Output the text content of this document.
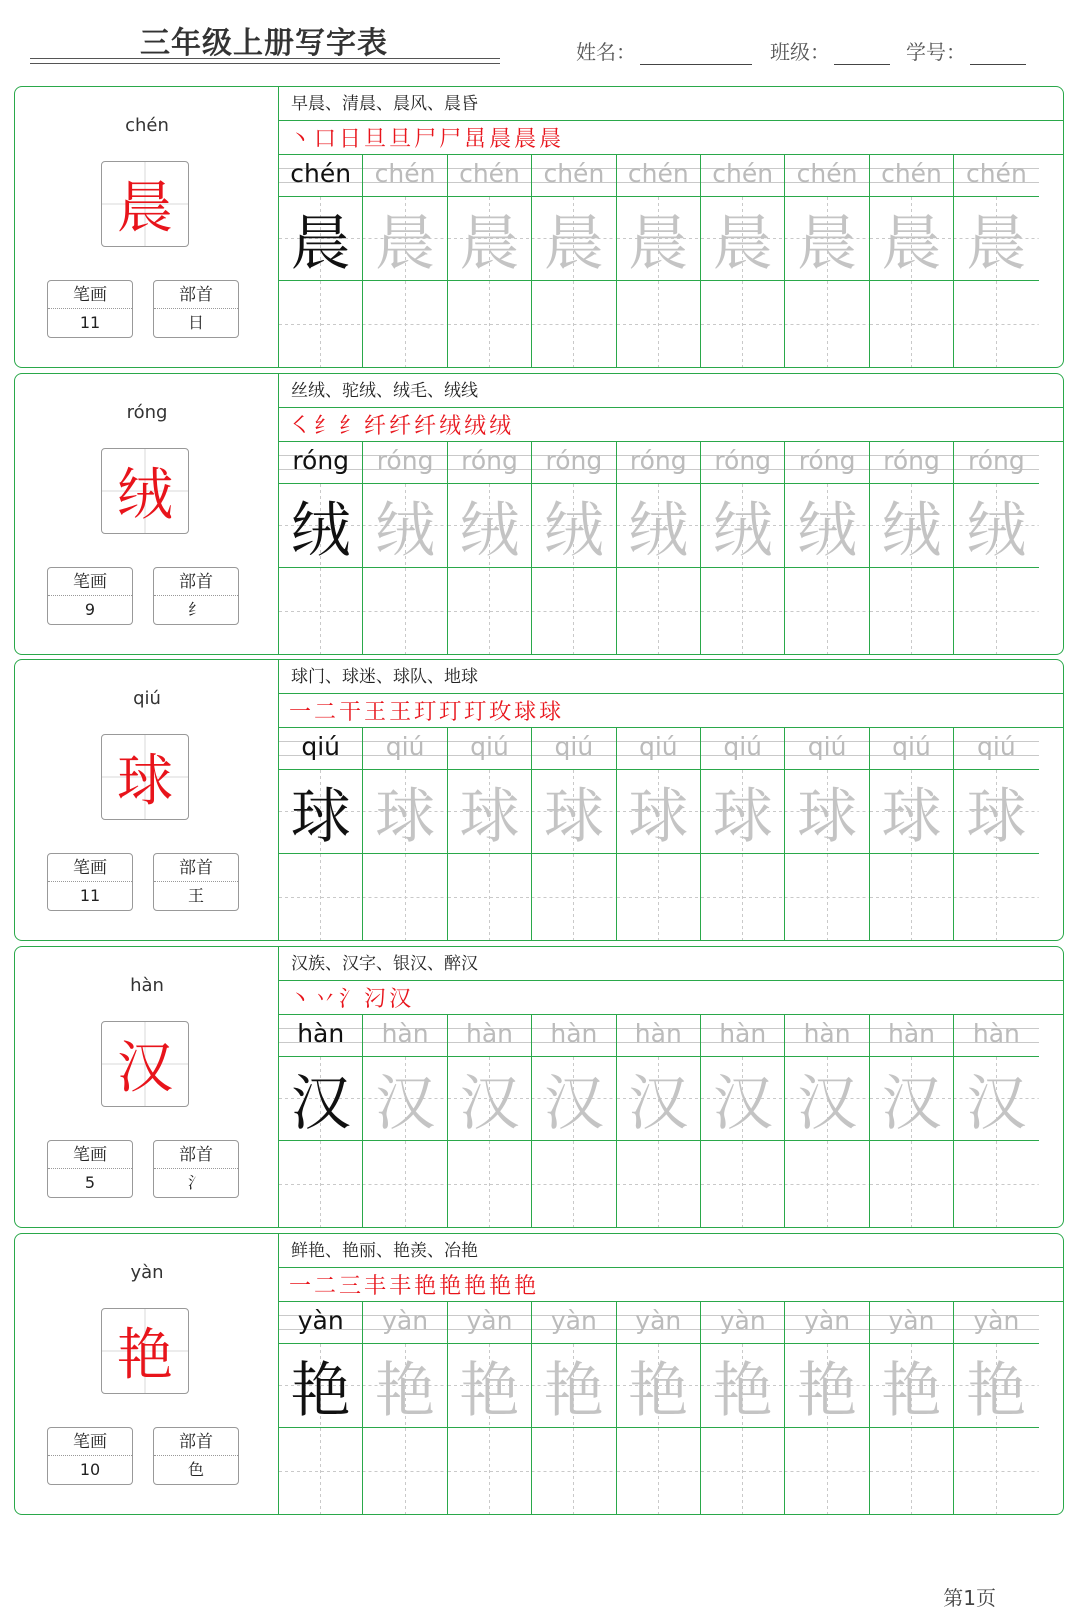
三年级上册写字表	姓名：	班级：	学号：
chén
晨
笔画
11
部首
日
早晨、清晨、晨风、晨昏
丶 口 日 旦 旦 尸 尸 𣅽 晨 晨 晨
chén
晨
chén
晨
chén
晨
chén
晨
chén
晨
chén
晨
chén
晨
chén
晨
chén
晨
róng
绒
笔画
9
部首
纟
丝绒、驼绒、绒毛、绒线
㇛ 纟 纟 纤 纤 纤 绒 绒 绒
róng
绒
róng
绒
róng
绒
róng
绒
róng
绒
róng
绒
róng
绒
róng
绒
róng
绒
qiú
球
笔画
11
部首
王
球门、球迷、球队、地球
一 二 干 王 王 玎 玎 玎 玫 球 球
qiú
球
qiú
球
qiú
球
qiú
球
qiú
球
qiú
球
qiú
球
qiú
球
qiú
球
hàn
汉
笔画
5
部首
氵
汉族、汉字、银汉、醉汉
丶 丷 氵 汈 汉
hàn
汉
hàn
汉
hàn
汉
hàn
汉
hàn
汉
hàn
汉
hàn
汉
hàn
汉
hàn
汉
yàn
艳
笔画
10
部首
色
鲜艳、艳丽、艳羡、冶艳
一 二 三 丰 丰 艳 艳 艳 艳 艳
yàn
艳
yàn
艳
yàn
艳
yàn
艳
yàn
艳
yàn
艳
yàn
艳
yàn
艳
yàn
艳
第1页
